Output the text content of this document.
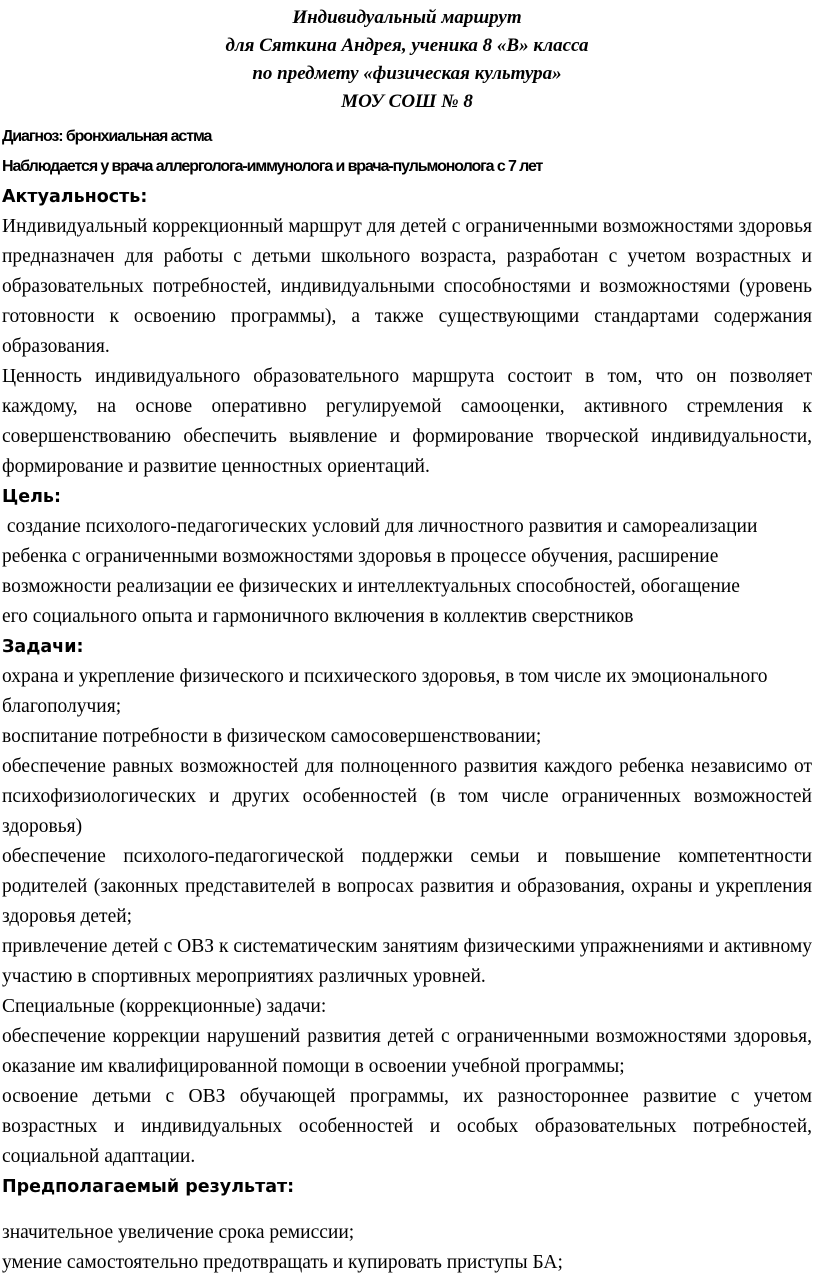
Индивидуальный маршрут

для Сяткина Андрея, ученика 8 «В» класса

по предмету «физическая культура»

МОУ СОШ № 8

Диагноз: бронхиальная астма

Наблюдается у врача аллерголога-иммунолога и врача-пульмонолога с 7 лет

Актуальность:

Индивидуальный коррекционный маршрут для детей с ограниченными возможностями здоровья предназначен для работы с детьми школьного возраста, разработан с учетом возрастных и образовательных потребностей, индивидуальными способностями и возможностями (уровень готовности к освоению программы), а также существующими стандартами содержания образования.

Ценность индивидуального образовательного маршрута состоит в том, что он позволяет каждому, на основе оперативно регулируемой самооценки, активного стремления к совершенствованию обеспечить выявление и формирование творческой индивидуальности, формирование и развитие ценностных ориентаций.

Цель:

создание психолого-педагогических условий для личностного развития и самореализации

ребенка с ограниченными возможностями здоровья в процессе обучения, расширение

возможности реализации ее физических и интеллектуальных способностей, обогащение

его социального опыта и гармоничного включения в коллектив сверстников

Задачи:

охрана и укрепление физического и психического здоровья, в том числе их эмоционального благополучия;

воспитание потребности в физическом самосовершенствовании;

обеспечение равных возможностей для полноценного развития каждого ребенка независимо от психофизиологических и других особенностей (в том числе ограниченных возможностей здоровья)

обеспечение психолого-педагогической поддержки семьи и повышение компетентности родителей (законных представителей в вопросах развития и образования, охраны и укрепления здоровья детей;

привлечение детей с ОВЗ к систематическим занятиям физическими упражнениями и активному участию в спортивных мероприятиях различных уровней.

Специальные (коррекционные) задачи:

обеспечение коррекции нарушений развития детей с ограниченными возможностями здоровья, оказание им квалифицированной помощи в освоении учебной программы;

освоение детьми с ОВЗ обучающей программы, их разностороннее развитие с учетом возрастных и индивидуальных особенностей и особых образовательных потребностей, социальной адаптации.

Предполагаемый результат:

значительное увеличение срока ремиссии;

умение самостоятельно предотвращать и купировать приступы БА;
